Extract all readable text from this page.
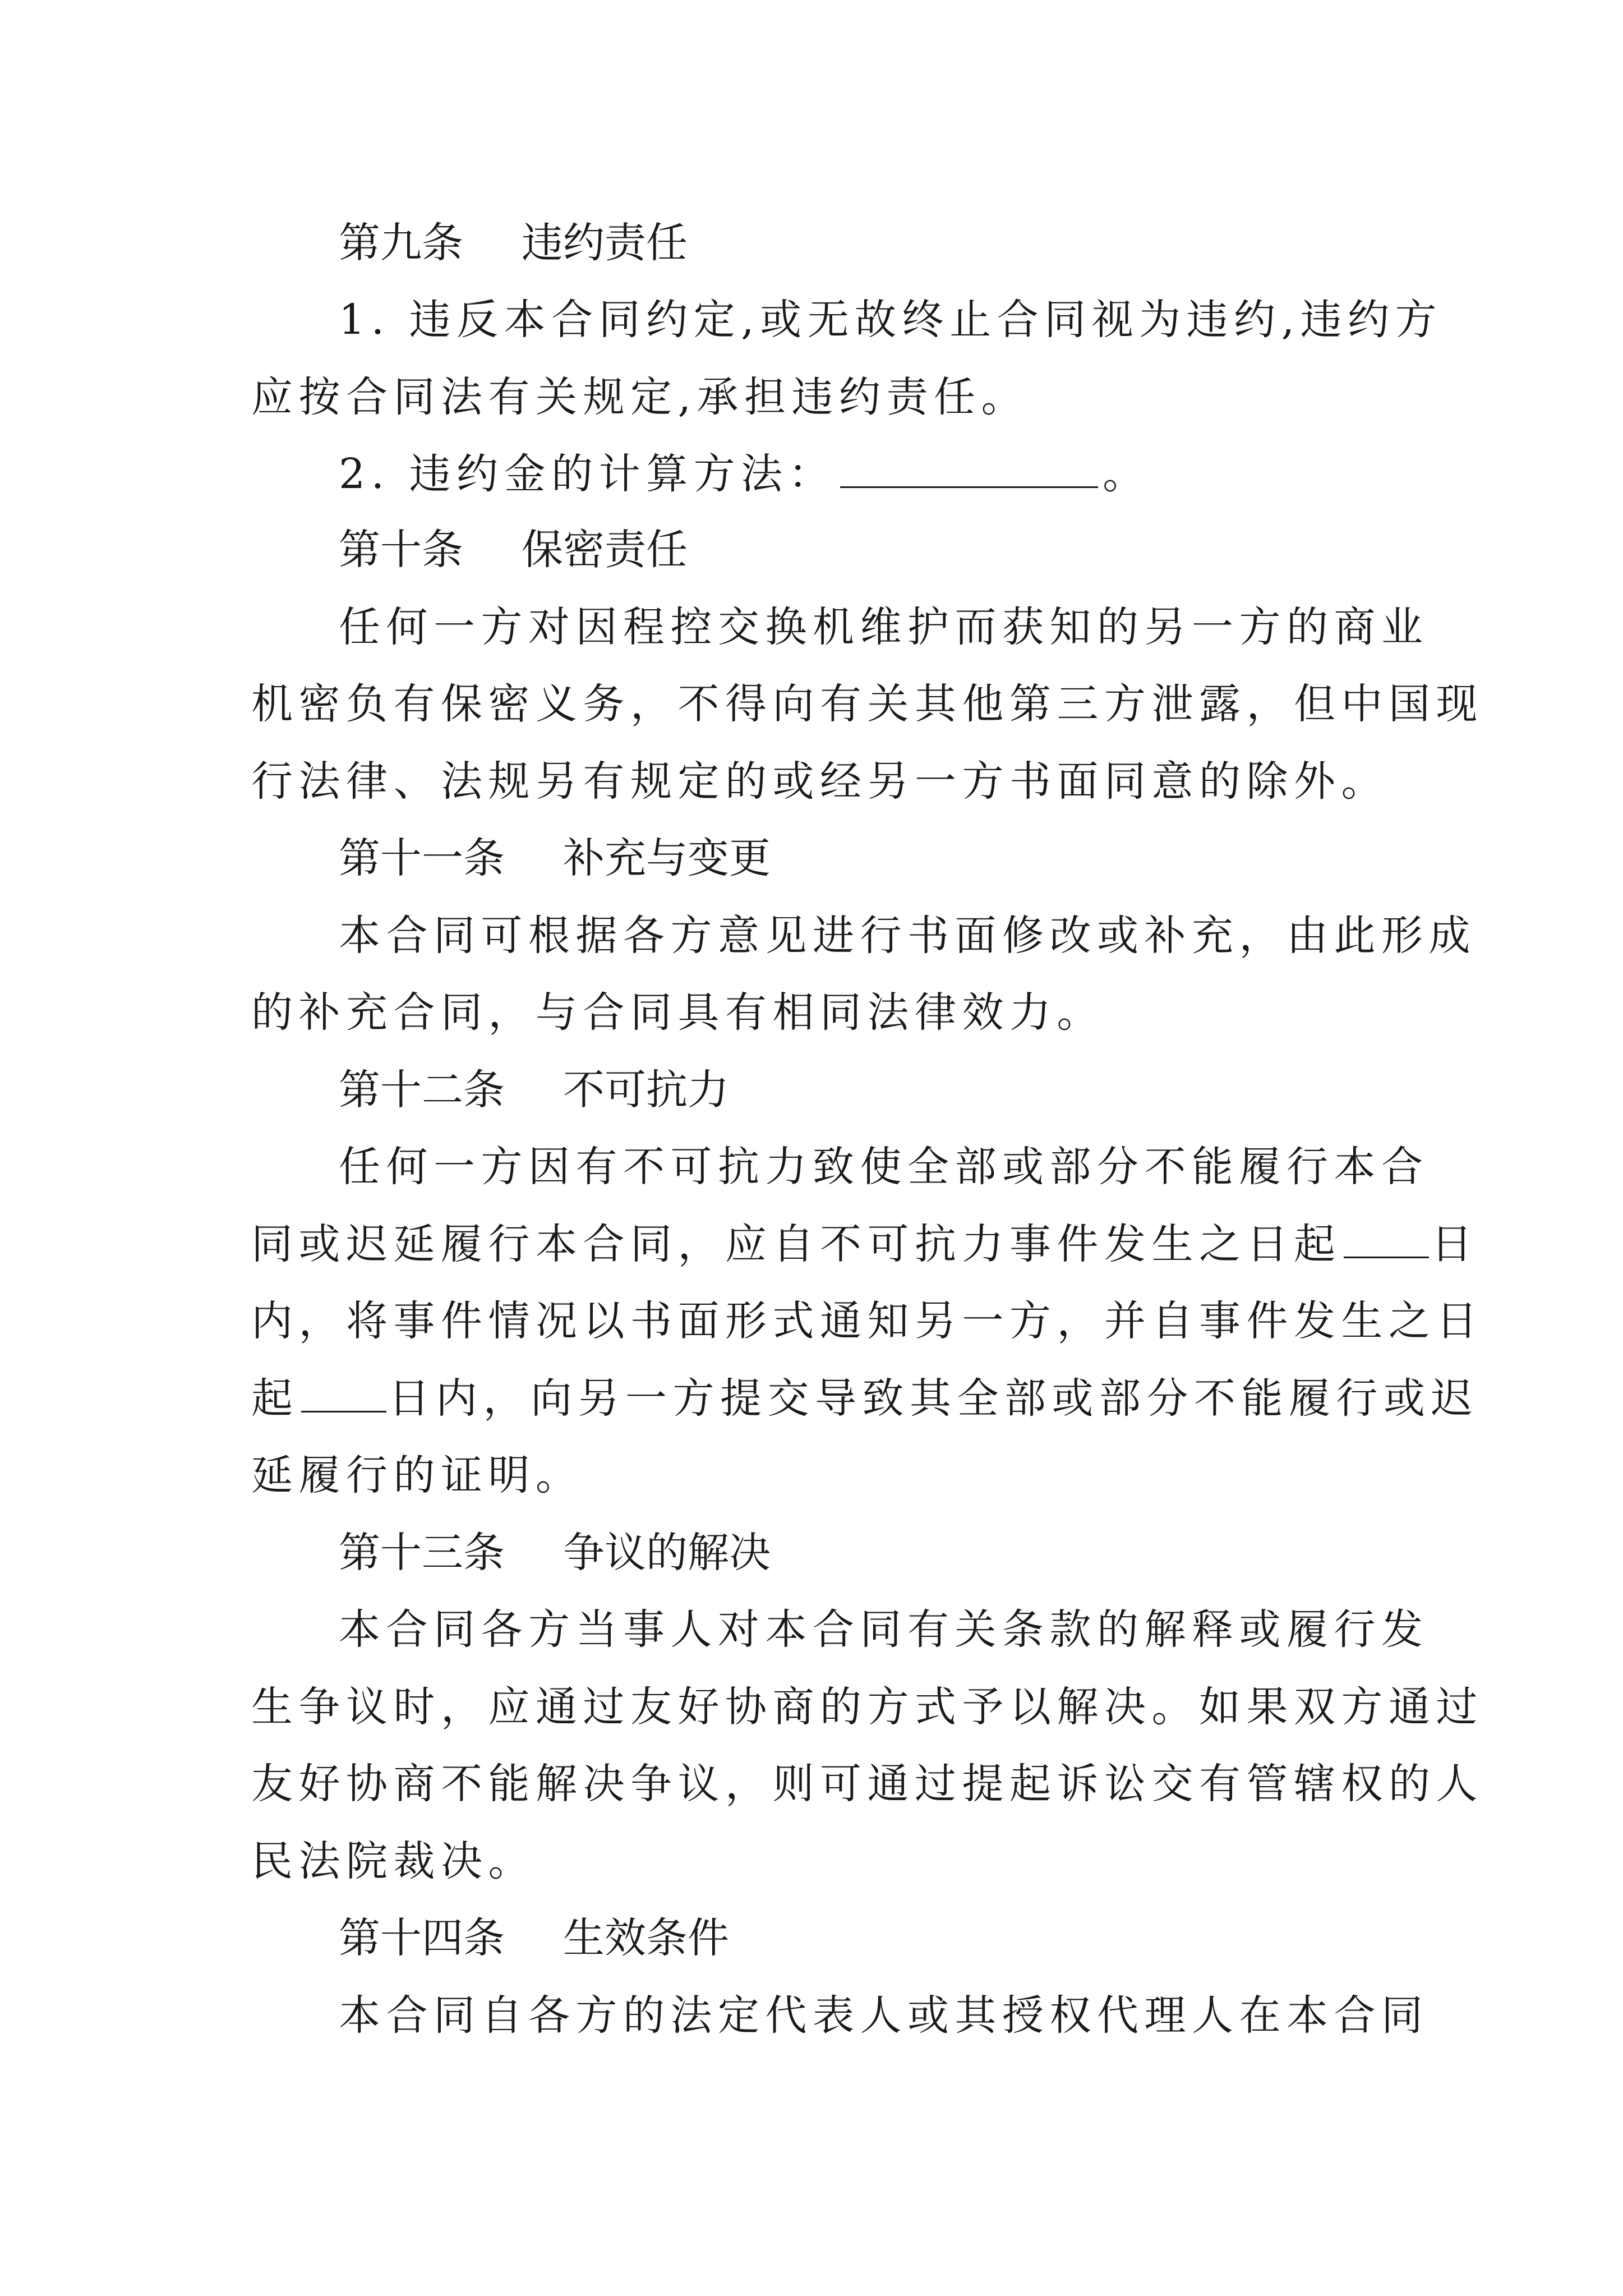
第九条 违约责任
1. 违反本合同约定,或无故终止合同视为违约,违约方
应按合同法有关规定,承担违约责任。
2. 违约金的计算方法：	。
第十条 保密责任
任何一方对因程控交换机维护而获知的另一方的商业
机密负有保密义务，不得向有关其他第三方泄露，但中国现
行法律、法规另有规定的或经另一方书面同意的除外。
第十一条 补充与变更
本合同可根据各方意见进行书面修改或补充，由此形成
的补充合同，与合同具有相同法律效力。
第十二条 不可抗力
任何一方因有不可抗力致使全部或部分不能履行本合
同或迟延履行本合同，应自不可抗力事件发生之日起 日
内，将事件情况以书面形式通知另一方，并自事件发生之日
起 日内，向另一方提交导致其全部或部分不能履行或迟
延履行的证明。
第十三条 争议的解决
本合同各方当事人对本合同有关条款的解释或履行发
生争议时，应通过友好协商的方式予以解决。如果双方通过
友好协商不能解决争议，则可通过提起诉讼交有管辖权的人
民法院裁决。
第十四条 生效条件
本合同自各方的法定代表人或其授权代理人在本合同
